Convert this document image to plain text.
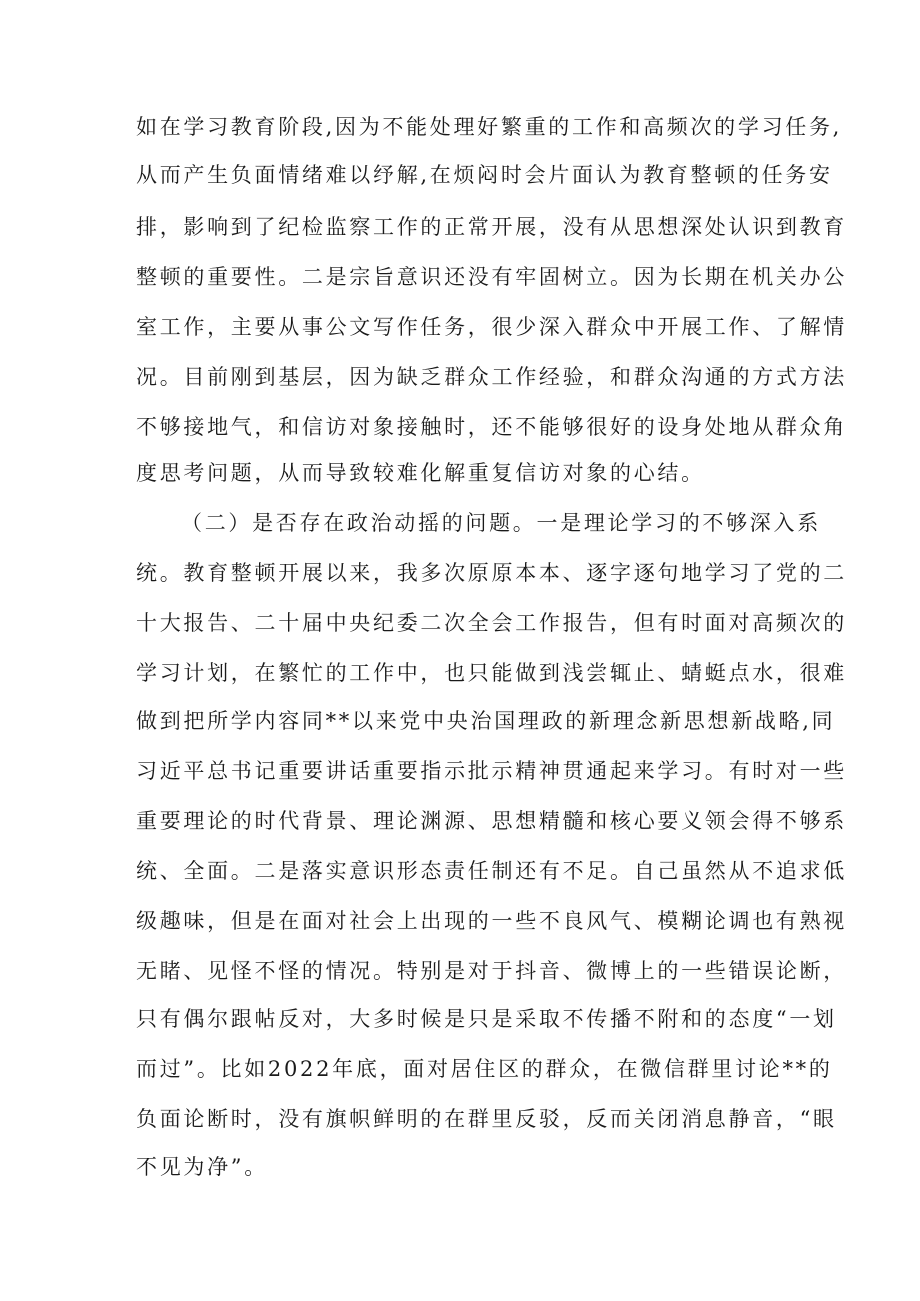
如在学习教育阶段,因为不能处理好繁重的工作和高频次的学习任务,
从而产生负面情绪难以纾解,在烦闷时会片面认为教育整顿的任务安
排，影响到了纪检监察工作的正常开展，没有从思想深处认识到教育
整顿的重要性。二是宗旨意识还没有牢固树立。因为长期在机关办公
室工作，主要从事公文写作任务，很少深入群众中开展工作、了解情
况。目前刚到基层，因为缺乏群众工作经验，和群众沟通的方式方法
不够接地气，和信访对象接触时，还不能够很好的设身处地从群众角
度思考问题，从而导致较难化解重复信访对象的心结。
（二）是否存在政治动摇的问题。一是理论学习的不够深入系
统。教育整顿开展以来，我多次原原本本、逐字逐句地学习了党的二
十大报告、二十届中央纪委二次全会工作报告，但有时面对高频次的
学习计划，在繁忙的工作中，也只能做到浅尝辄止、蜻蜓点水，很难
做到把所学内容同**以来党中央治国理政的新理念新思想新战略,同
习近平总书记重要讲话重要指示批示精神贯通起来学习。有时对一些
重要理论的时代背景、理论渊源、思想精髓和核心要义领会得不够系
统、全面。二是落实意识形态责任制还有不足。自己虽然从不追求低
级趣味，但是在面对社会上出现的一些不良风气、模糊论调也有熟视
无睹、见怪不怪的情况。特别是对于抖音、微博上的一些错误论断，
只有偶尔跟帖反对，大多时候是只是采取不传播不附和的态度“一划
而过”。比如2022年底，面对居住区的群众，在微信群里讨论**的
负面论断时，没有旗帜鲜明的在群里反驳，反而关闭消息静音，“眼
不见为净”。
